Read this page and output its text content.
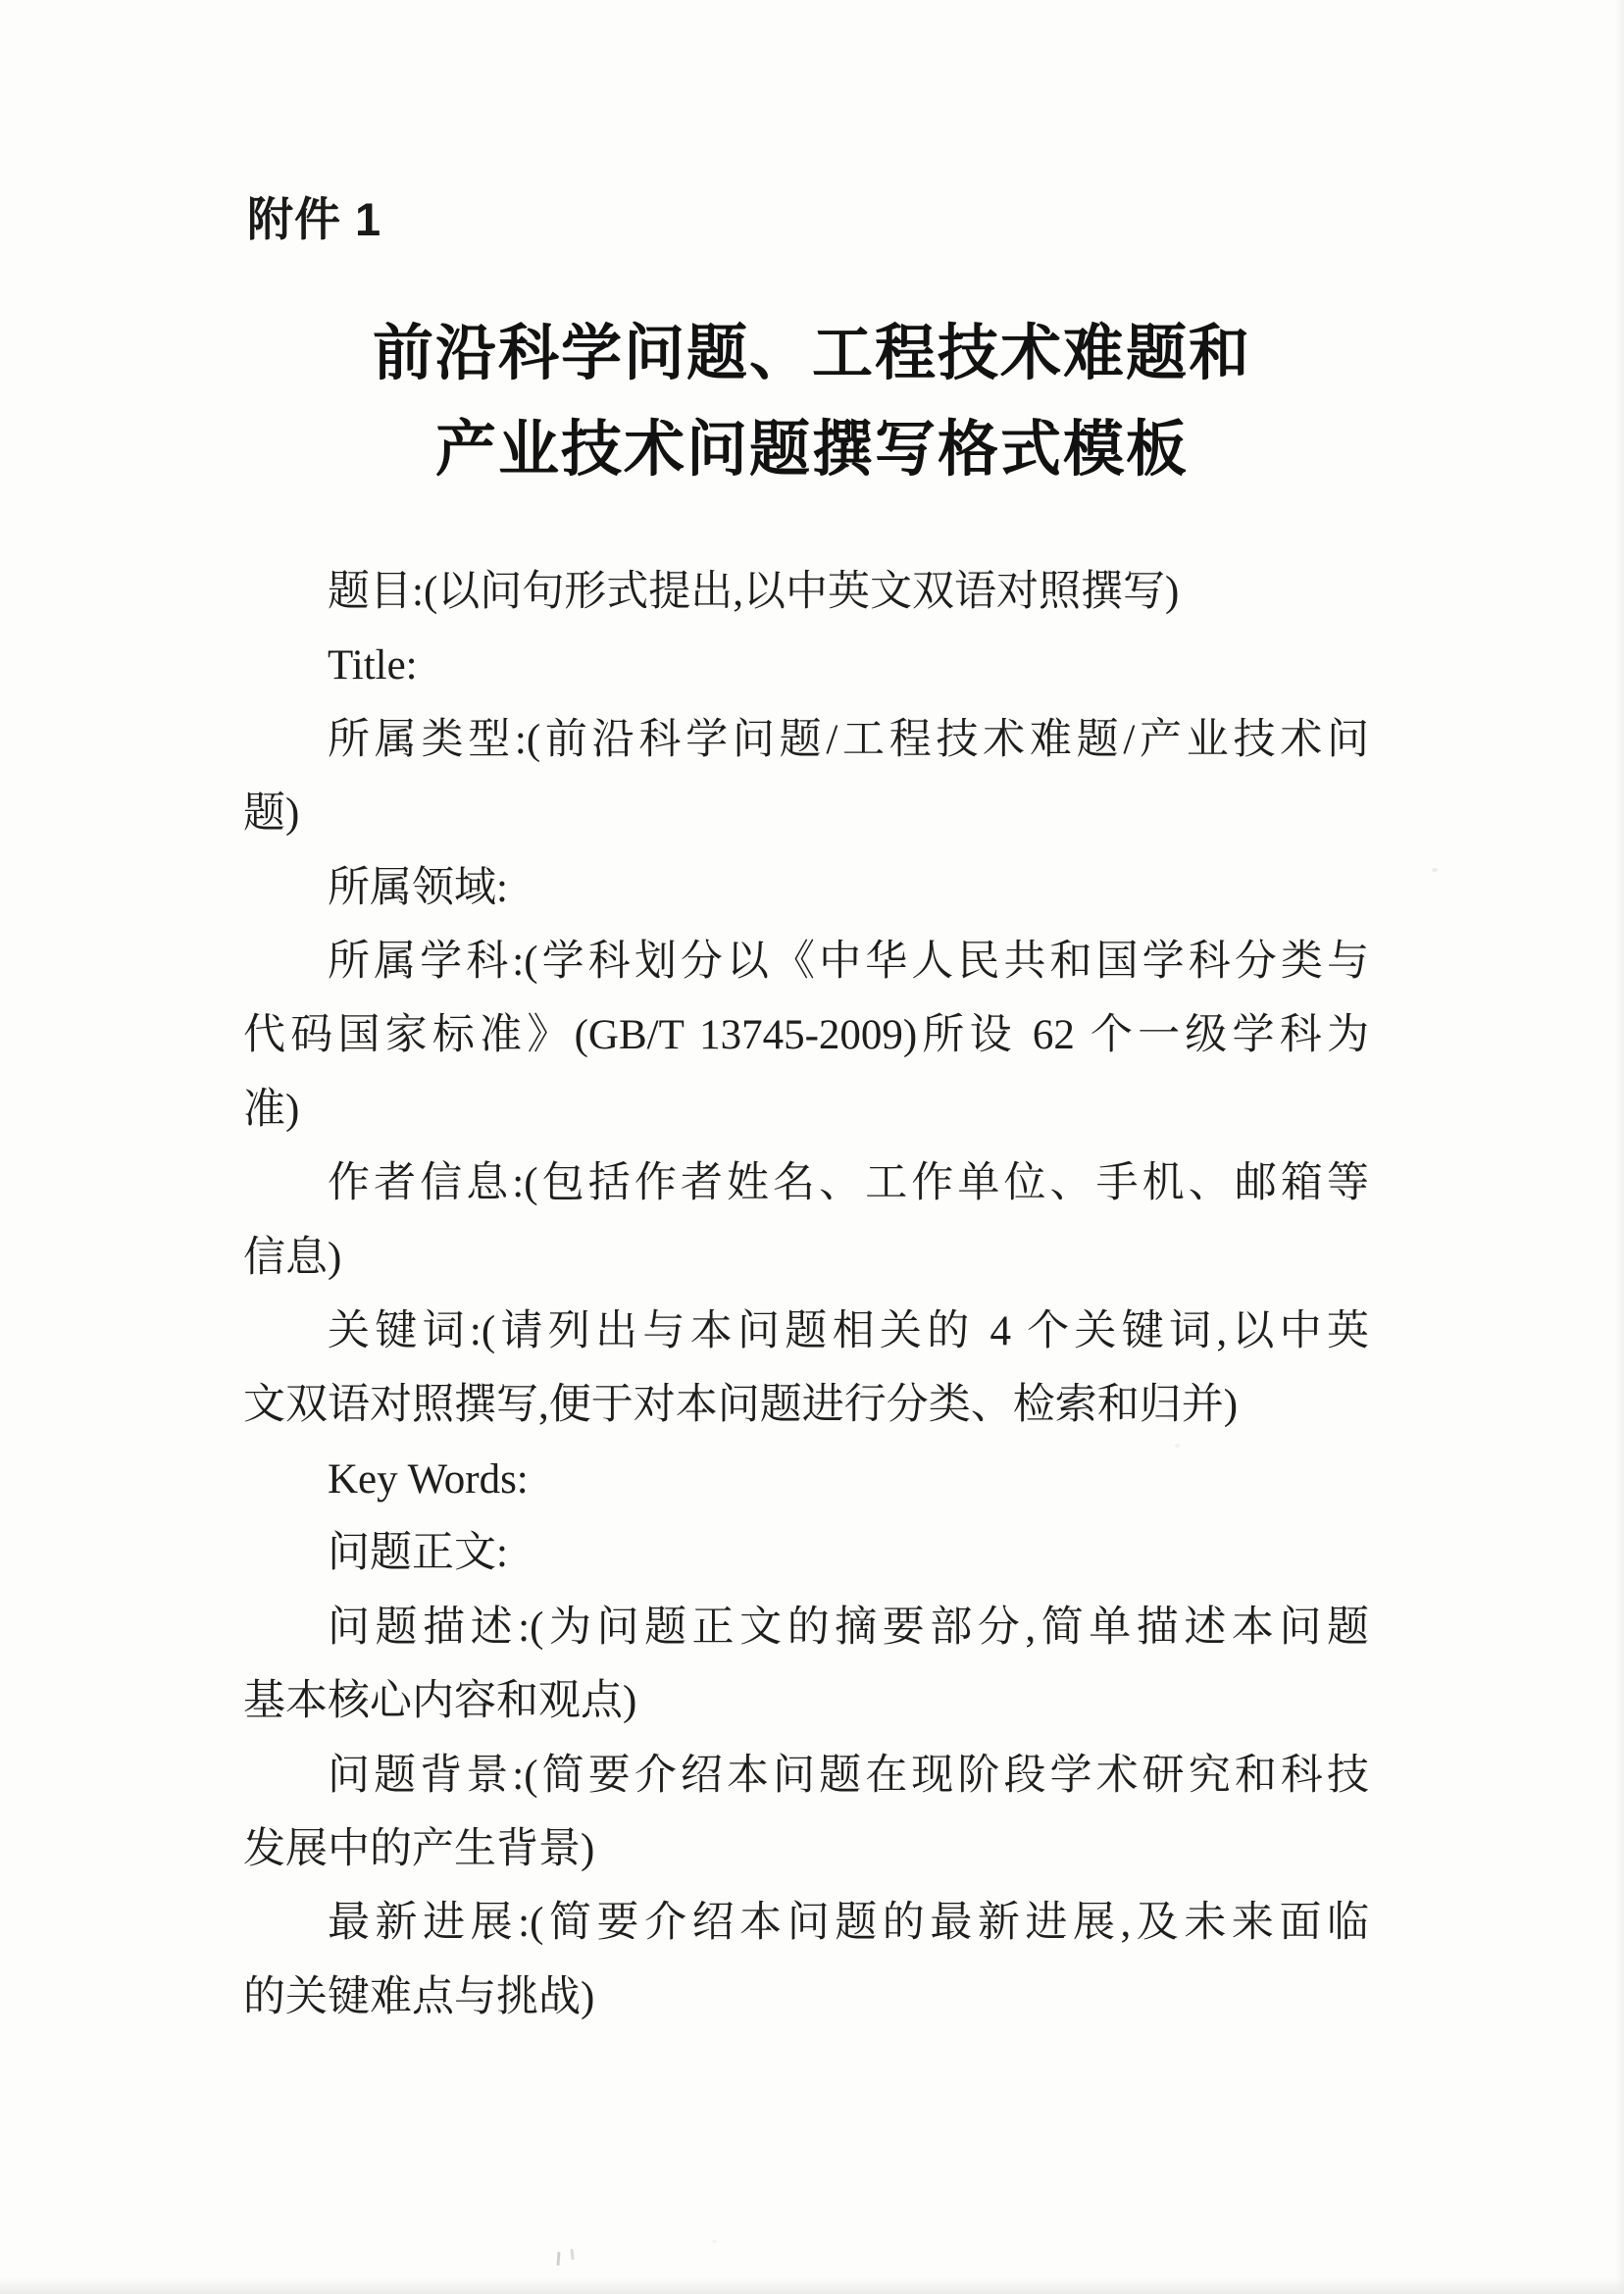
附件 1
前沿科学问题、工程技术难题和
产业技术问题撰写格式模板
题目:(以问句形式提出,以中英文双语对照撰写)
Title:
所属类型:(前沿科学问题/工程技术难题/产业技术问
题)
所属领域:
所属学科:(学科划分以《中华人民共和国学科分类与
代码国家标准》(GB/T 13745-2009)所设 62 个一级学科为
准)
作者信息:(包括作者姓名、工作单位、手机、邮箱等
信息)
关键词:(请列出与本问题相关的 4 个关键词,以中英
文双语对照撰写,便于对本问题进行分类、检索和归并)
Key Words:
问题正文:
问题描述:(为问题正文的摘要部分,简单描述本问题
基本核心内容和观点)
问题背景:(简要介绍本问题在现阶段学术研究和科技
发展中的产生背景)
最新进展:(简要介绍本问题的最新进展,及未来面临
的关键难点与挑战)
